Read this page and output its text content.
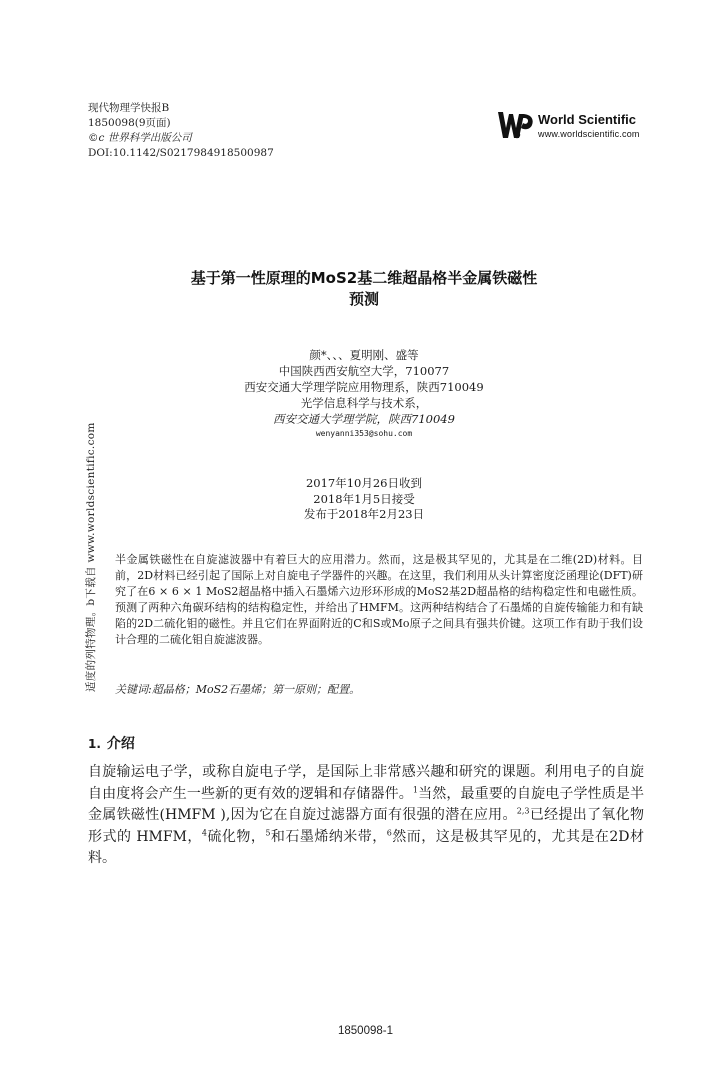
现代物理学快报B
1850098(9页面)
©c 世界科学出版公司
DOI:10.1142/S0217984918500987
World Scientific
www.worldscientific.com
适度的列特物理。b下载自 www.worldscientific.com
基于第一性原理的MoS2基二维超晶格半金属铁磁性
预测
颜*、、、夏明刚、盛等
中国陕西西安航空大学，710077
西安交通大学理学院应用物理系，陕西710049
光学信息科学与技术系，
西安交通大学理学院，陕西710049
wenyanni353@sohu.com
2017年10月26日收到
2018年1月5日接受
发布于2018年2月23日
半金属铁磁性在自旋滤波器中有着巨大的应用潜力。然而，这是极其罕见的，尤其是在二维(2D)材料。目前，2D材料已经引起了国际上对自旋电子学器件的兴趣。在这里，我们利用从头计算密度泛函理论(DFT)研究了在6 × 6 × 1 MoS2超晶格中插入石墨烯六边形环形成的MoS2基2D超晶格的结构稳定性和电磁性质。预测了两种六角碳环结构的结构稳定性，并给出了HMFM。这两种结构结合了石墨烯的自旋传输能力和有缺陷的2D二硫化钼的磁性。并且它们在界面附近的C和S或Mo原子之间具有强共价键。这项工作有助于我们设计合理的二硫化钼自旋滤波器。
关键词:超晶格；MoS2石墨烯；第一原则；配置。
1. 介绍
自旋输运电子学，或称自旋电子学，是国际上非常感兴趣和研究的课题。利用电子的自旋自由度将会产生一些新的更有效的逻辑和存储器件。$^1$当然，最重要的自旋电子学性质是半金属铁磁性(HMFM ),因为它在自旋过滤器方面有很强的潜在应用。$^{2,3}$已经提出了氧化物形式的 HMFM，$^4$硫化物，$^5$和石墨烯纳米带，$^6$然而，这是极其罕见的，尤其是在2D材料。
1850098-1
